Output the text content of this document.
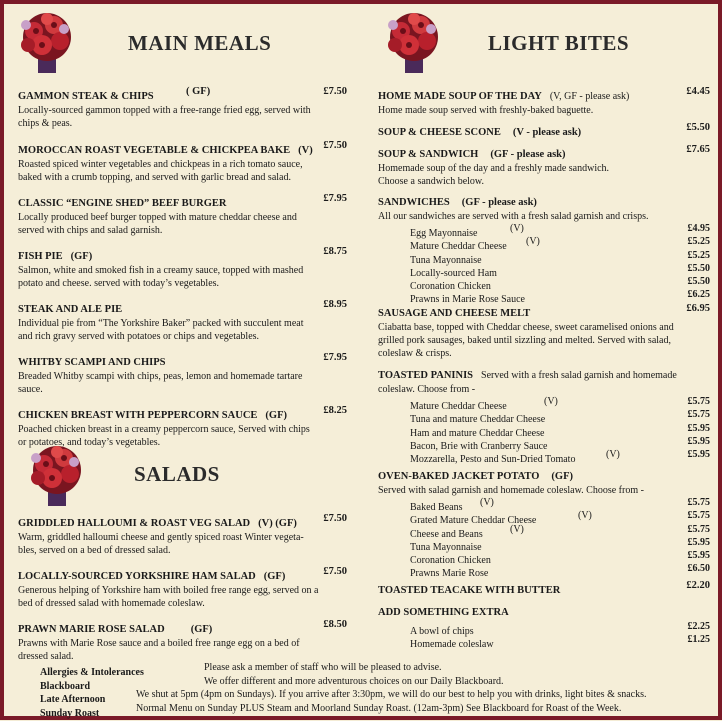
MAIN MEALS	LIGHT BITES
SALADS
GAMMON STEAK & CHIPS	( GF)	£7.50
Locally-sourced gammon topped with a free-range fried egg, served with
chips & peas.
MOROCCAN ROAST VEGETABLE & CHICKPEA BAKE (V)	£7.50
Roasted spiced winter vegetables and chickpeas in a rich tomato sauce,
baked with a crumb topping, and served with garlic bread and salad.
CLASSIC “ENGINE SHED” BEEF BURGER	£7.95
Locally produced beef burger topped with mature cheddar cheese and
served with chips and salad garnish.
FISH PIE (GF)	£8.75
Salmon, white and smoked fish in a creamy sauce, topped with mashed
potato and cheese. served with today’s vegetables.
STEAK AND ALE PIE	£8.95
Individual pie from “The Yorkshire Baker” packed with succulent meat
and rich gravy served with potatoes or chips and vegetables.
WHITBY SCAMPI AND CHIPS	£7.95
Breaded Whitby scampi with chips, peas, lemon and homemade tartare
sauce.
CHICKEN BREAST WITH PEPPERCORN SAUCE (GF)	£8.25
Poached chicken breast in a creamy peppercorn sauce, Served with chips
or potatoes, and today’s vegetables.
GRIDDLED HALLOUMI & ROAST VEG SALAD (V) (GF)	£7.50
Warm, griddled halloumi cheese and gently spiced roast Winter vegeta-
bles, served on a bed of dressed salad.
LOCALLY-SOURCED YORKSHIRE HAM SALAD (GF)	£7.50
Generous helping of Yorkshire ham with boiled free range egg, served on a
bed of dressed salad with homemade coleslaw.
PRAWN MARIE ROSE SALAD (GF)	£8.50
Prawns with Marie Rose sauce and a boiled free range egg on a bed of
dressed salad.
HOME MADE SOUP OF THE DAY (V, GF - please ask)	£4.45
Home made soup served with freshly-baked baguette.
SOUP & CHEESE SCONE (V - please ask)	£5.50
SOUP & SANDWICH (GF - please ask)	£7.65
Homemade soup of the day and a freshly made sandwich.
Choose a sandwich below.
SANDWICHES (GF - please ask)
All our sandwiches are served with a fresh salad garnish and crisps.
Egg Mayonnaise	(V)	£4.95
Mature Cheddar Cheese (V)	£5.25
Tuna Mayonnaise	£5.25
Locally-sourced Ham	£5.50
Coronation Chicken	£5.50
Prawns in Marie Rose Sauce	£6.25
SAUSAGE AND CHEESE MELT	£6.95
Ciabatta base, topped with Cheddar cheese, sweet caramelised onions and
grilled pork sausages, baked until sizzling and melted. Served with salad,
coleslaw & crisps.
TOASTED PANINIS Served with a fresh salad garnish and homemade
coleslaw. Choose from -
Mature Cheddar Cheese	(V)	£5.75
Tuna and mature Cheddar Cheese	£5.75
Ham and mature Cheddar Cheese	£5.95
Bacon, Brie with Cranberry Sauce	£5.95
Mozzarella, Pesto and Sun-Dried Tomato	(V)	£5.95
OVEN-BAKED JACKET POTATO (GF)
Served with salad garnish and homemade coleslaw. Choose from -
Baked Beans (V)	£5.75
Grated Mature Cheddar Cheese	(V)	£5.75
Cheese and Beans	(V)	£5.75
Tuna Mayonnaise	£5.95
Coronation Chicken	£5.95
Prawns Marie Rose	£6.50
TOASTED TEACAKE WITH BUTTER	£2.20
ADD SOMETHING EXTRA
A bowl of chips	£2.25
Homemade coleslaw	£1.25
Allergies & Intolerances	Please ask a member of staff who will be pleased to advise.
Blackboard	We offer different and more adventurous choices on our Daily Blackboard.
Late Afternoon	We shut at 5pm (4pm on Sundays). If you arrive after 3:30pm, we will do our best to help you with drinks, light bites & snacks.
Sunday Roast	Normal Menu on Sunday PLUS Steam and Moorland Sunday Roast. (12am-3pm) See Blackboard for Roast of the Week.
